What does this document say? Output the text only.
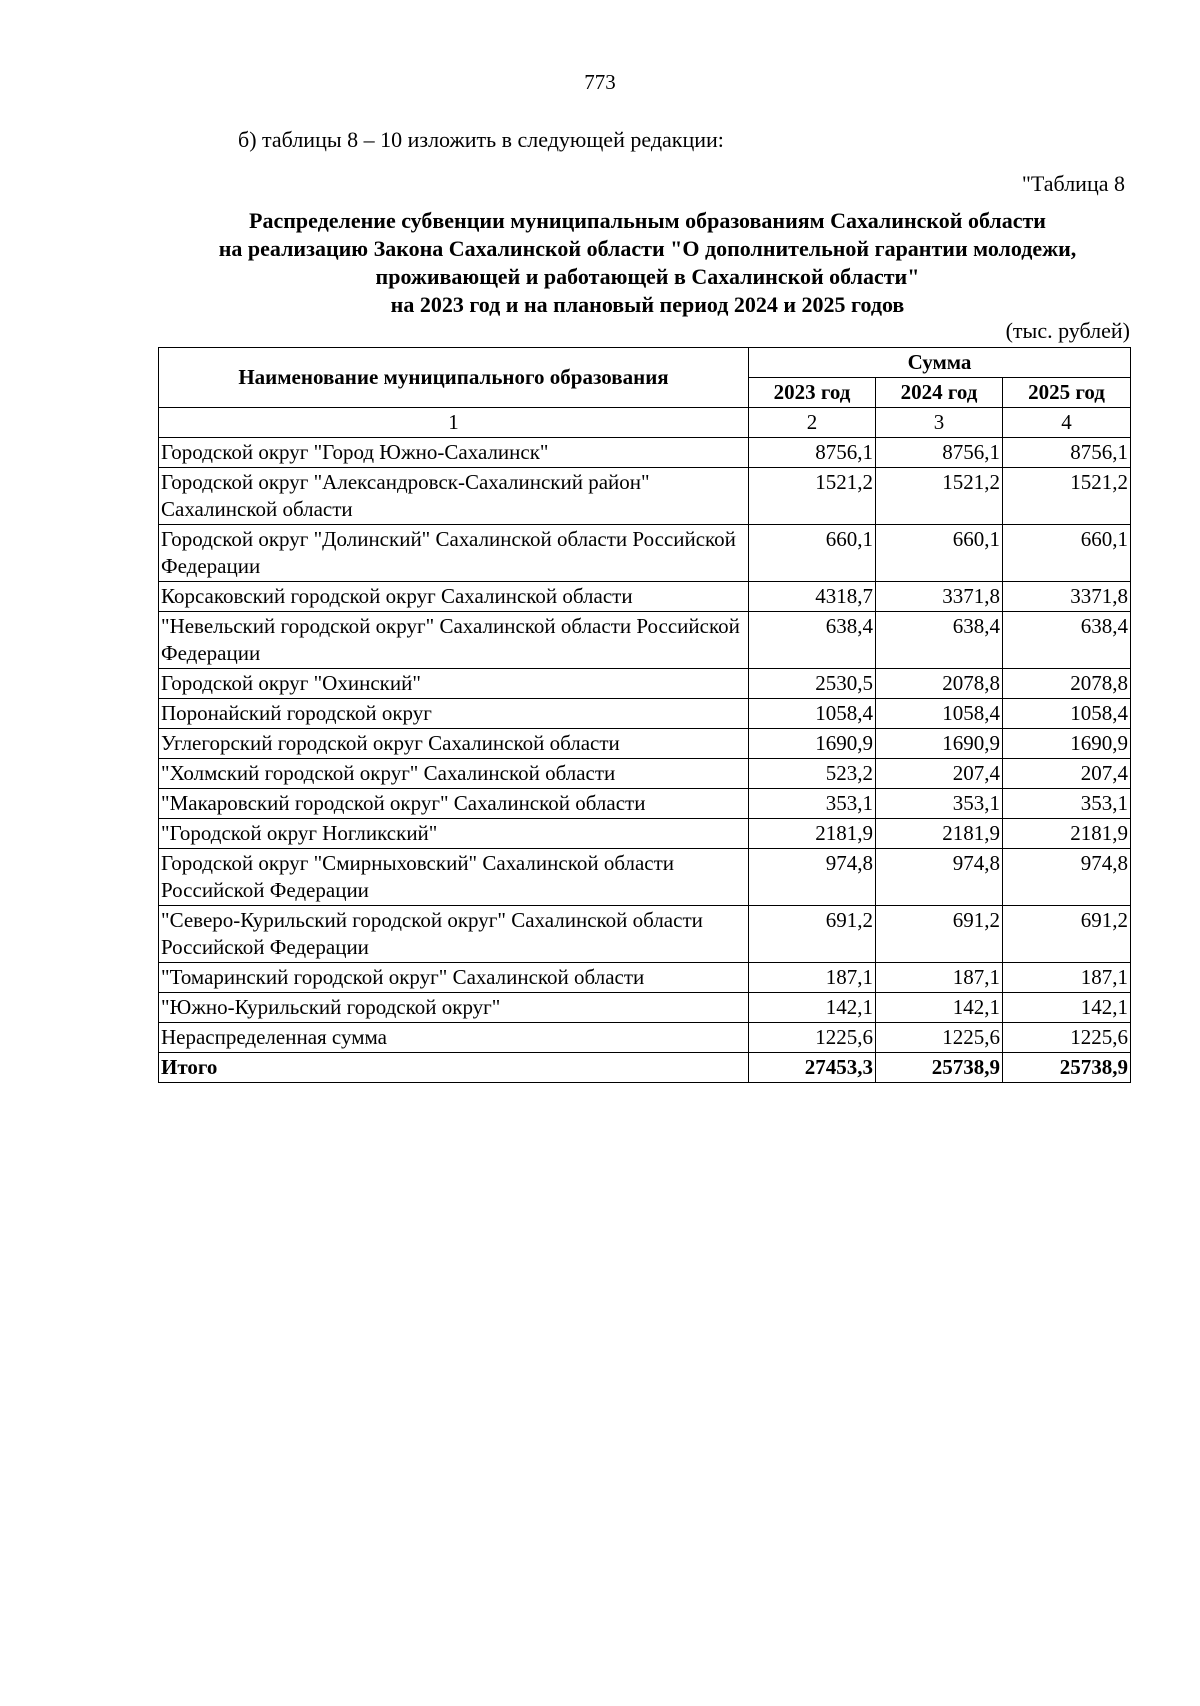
773
б) таблицы 8 – 10 изложить в следующей редакции:
"Таблица 8
Распределение субвенции муниципальным образованиям Сахалинской области
на реализацию Закона Сахалинской области "О дополнительной гарантии молодежи,
проживающей и работающей в Сахалинской области"
на 2023 год и на плановый период 2024 и 2025 годов
(тыс. рублей)
Наименование муниципального образования	Сумма		
	2023 год	2024 год	2025 год
1	2	3	4
Городской округ "Город Южно-Сахалинск"	8756,1	8756,1	8756,1
Городской округ "Александровск-Сахалинский район" Сахалинской области	1521,2	1521,2	1521,2
Городской округ "Долинский" Сахалинской области Российской Федерации	660,1	660,1	660,1
Корсаковский городской округ Сахалинской области	4318,7	3371,8	3371,8
"Невельский городской округ" Сахалинской области Российской Федерации	638,4	638,4	638,4
Городской округ "Охинский"	2530,5	2078,8	2078,8
Поронайский городской округ	1058,4	1058,4	1058,4
Углегорский городской округ Сахалинской области	1690,9	1690,9	1690,9
"Холмский городской округ" Сахалинской области	523,2	207,4	207,4
"Макаровский городской округ" Сахалинской области	353,1	353,1	353,1
"Городской округ Ногликский"	2181,9	2181,9	2181,9
Городской округ "Смирныховский" Сахалинской области Российской Федерации	974,8	974,8	974,8
"Северо-Курильский городской округ" Сахалинской области Российской Федерации	691,2	691,2	691,2
"Томаринский городской округ" Сахалинской области	187,1	187,1	187,1
"Южно-Курильский городской округ"	142,1	142,1	142,1
Нераспределенная сумма	1225,6	1225,6	1225,6
Итого	27453,3	25738,9	25738,9
